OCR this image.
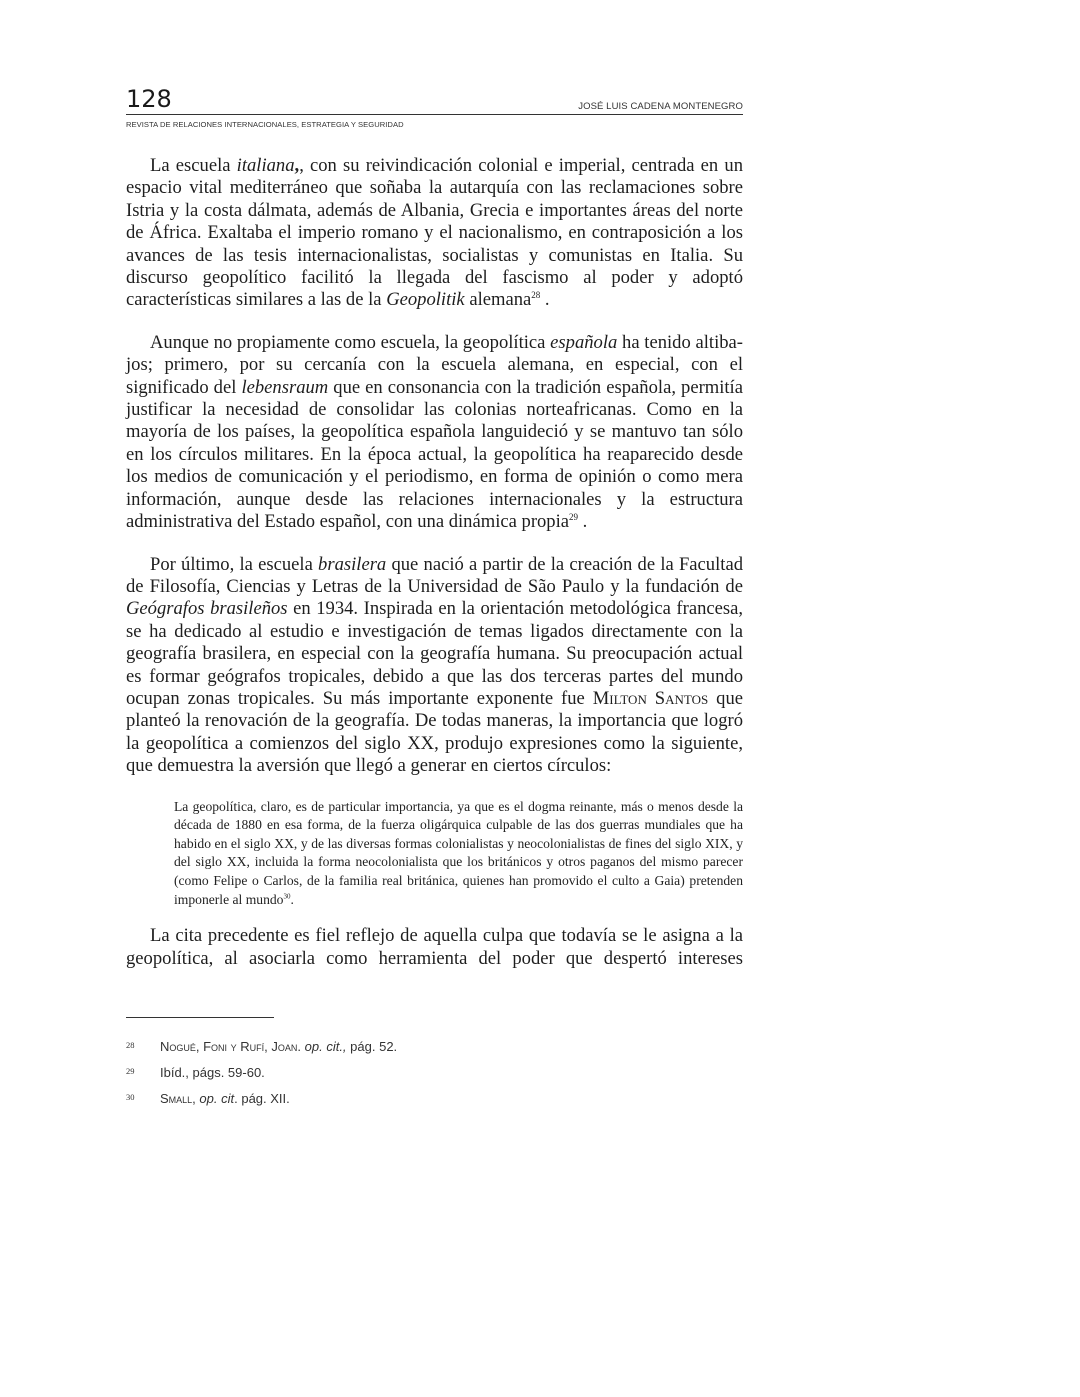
128	JOSÉ LUIS CADENA MONTENEGRO
REVISTA DE RELACIONES INTERNACIONALES, ESTRATEGIA Y SEGURIDAD

La escuela italiana,, con su reivindicación colonial e imperial, centrada en un espacio vital mediterráneo que soñaba la autarquía con las reclamaciones sobre Istria y la costa dálmata, además de Albania, Grecia e importantes áreas del norte de África. Exaltaba el imperio romano y el nacionalismo, en contraposición a los avances de las tesis internacionalistas, socialistas y comunistas en Italia. Su discurso geopolítico facilitó la llegada del fascismo al poder y adoptó características similares a las de la Geopolitik alemana$^{28}$ .

Aunque no propiamente como escuela, la geopolítica española ha tenido altibajos; primero, por su cercanía con la escuela alemana, en especial, con el significado del lebensraum que en consonancia con la tradición española, permitía justificar la necesidad de consolidar las colonias norteafricanas. Como en la mayoría de los países, la geopolítica española languideció y se mantuvo tan sólo en los círculos militares. En la época actual, la geopolítica ha reaparecido desde los medios de comunicación y el periodismo, en forma de opinión o como mera información, aunque desde las relaciones internacionales y la estructura administrativa del Estado español, con una dinámica propia$^{29}$ .

Por último, la escuela brasilera que nació a partir de la creación de la Facultad de Filosofía, Ciencias y Letras de la Universidad de São Paulo y la fundación de Geógrafos brasileños en 1934. Inspirada en la orientación metodológica francesa, se ha dedicado al estudio e investigación de temas ligados directamente con la geografía brasilera, en especial con la geografía humana. Su preocupación actual es formar geógrafos tropicales, debido a que las dos terceras partes del mundo ocupan zonas tropicales. Su más importante exponente fue Milton Santos que planteó la renovación de la geografía. De todas maneras, la importancia que logró la geopolítica a comienzos del siglo XX, produjo expresiones como la siguiente, que demuestra la aversión que llegó a generar en ciertos círculos:

La geopolítica, claro, es de particular importancia, ya que es el dogma reinante, más o menos desde la década de 1880 en esa forma, de la fuerza oligárquica culpable de las dos guerras mundiales que ha habido en el siglo XX, y de las diversas formas colonialistas y neocolonialistas de fines del siglo XIX, y del siglo XX, incluida la forma neocolonialista que los británicos y otros paganos del mismo parecer (como Felipe o Carlos, de la familia real británica, quienes han promovido el culto a Gaia) pretenden imponerle al mundo$^{30}$.

La cita precedente es fiel reflejo de aquella culpa que todavía se le asigna a la geopolítica, al asociarla como herramienta del poder que despertó intereses

28 Nogué, Foni y Rufí, Joan. op. cit., pág. 52.
29 Ibíd., págs. 59-60.
30 Small, op. cit. pág. XII.
